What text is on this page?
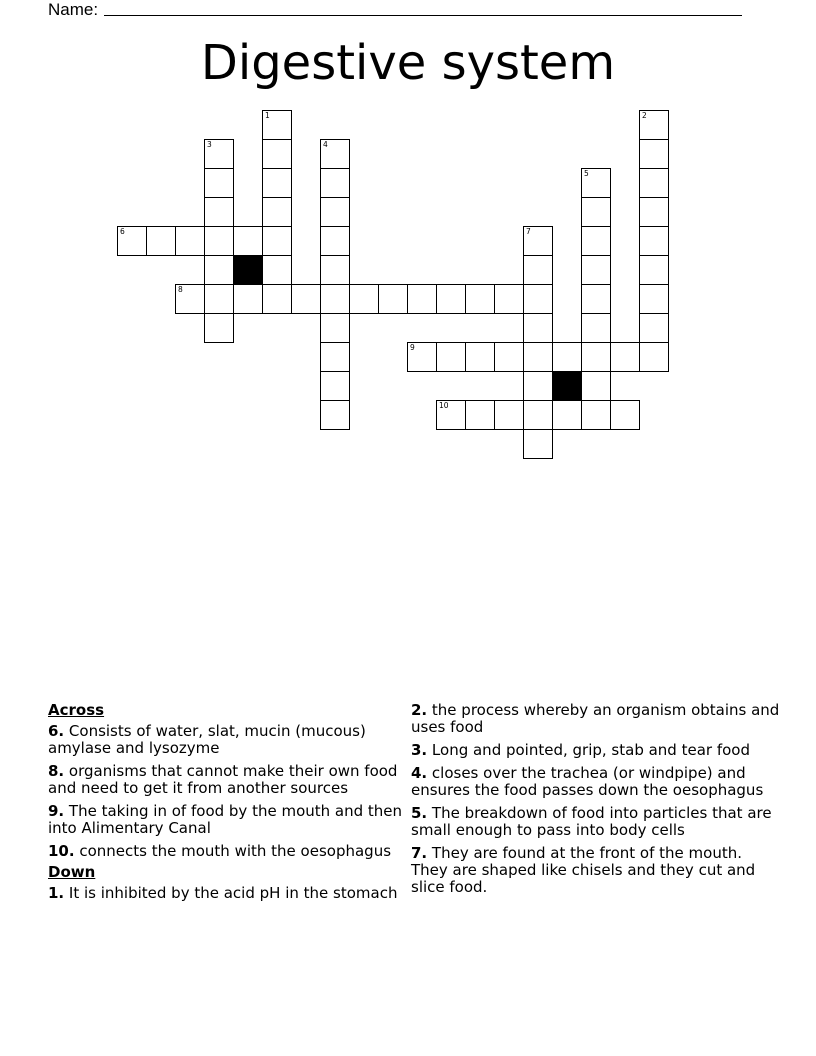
Name:
Digestive system
1	2
3	4
5
6	7
8
9
10
Across
6. Consists of water, slat, mucin (mucous) amylase and lysozyme
8. organisms that cannot make their own food and need to get it from another sources
9. The taking in of food by the mouth and then into Alimentary Canal
10. connects the mouth with the oesophagus
Down
1. It is inhibited by the acid pH in the stomach
2. the process whereby an organism obtains and uses food
3. Long and pointed, grip, stab and tear food
4. closes over the trachea (or windpipe) and ensures the food passes down the oesophagus
5. The breakdown of food into particles that are small enough to pass into body cells
7. They are found at the front of the mouth. They are shaped like chisels and they cut and slice food.
